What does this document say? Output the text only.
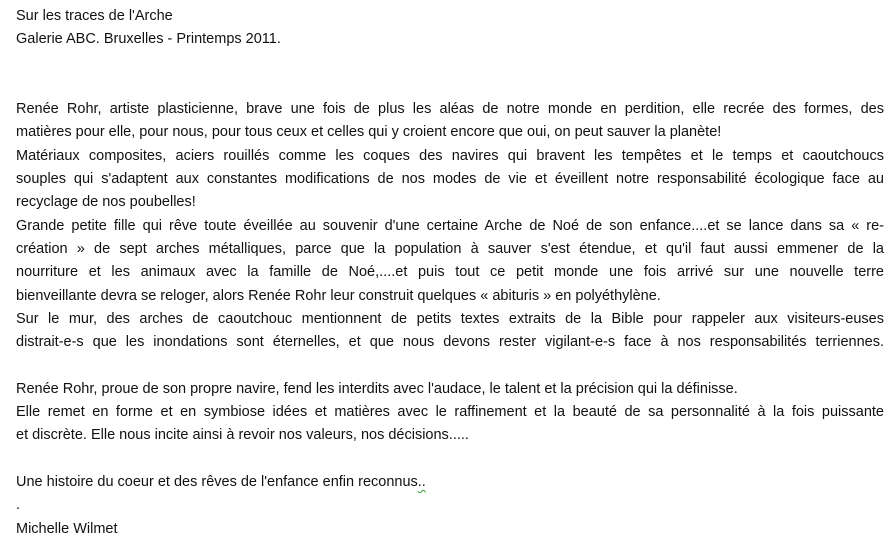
Sur les traces de l'Arche
Galerie ABC. Bruxelles - Printemps 2011.
Renée Rohr, artiste plasticienne, brave une fois de plus les aléas de notre monde en perdition, elle recrée des formes, des
matières pour elle, pour nous, pour tous ceux et celles qui y croient encore que oui, on peut sauver la planète!
Matériaux composites, aciers rouillés comme les coques des navires qui bravent les tempêtes et le temps et caoutchoucs
souples qui s'adaptent aux constantes modifications de nos modes de vie et éveillent notre responsabilité écologique face au
recyclage de nos poubelles!
Grande petite fille qui rêve toute éveillée au souvenir d'une certaine Arche de Noé de son enfance....et se lance dans sa « re-
création » de sept arches métalliques, parce que la population à sauver s'est étendue, et qu'il faut aussi emmener de la
nourriture et les animaux avec la famille de Noé,....et puis tout ce petit monde une fois arrivé sur une nouvelle terre
bienveillante devra se reloger, alors Renée Rohr leur construit quelques « abituris » en polyéthylène.
Sur le mur, des arches de caoutchouc mentionnent de petits textes extraits de la Bible pour rappeler aux visiteurs-euses
distrait-e-s que les inondations sont éternelles, et que nous devons rester vigilant-e-s face à nos responsabilités terriennes.
Renée Rohr, proue de son propre navire, fend les interdits avec l'audace, le talent et la précision qui la définisse.
Elle remet en forme et en symbiose idées et matières avec le raffinement et la beauté de sa personnalité à la fois puissante
et discrète. Elle nous incite ainsi à revoir nos valeurs, nos décisions.....
Une histoire du coeur et des rêves de l'enfance enfin reconnus..
.
Michelle Wilmet
